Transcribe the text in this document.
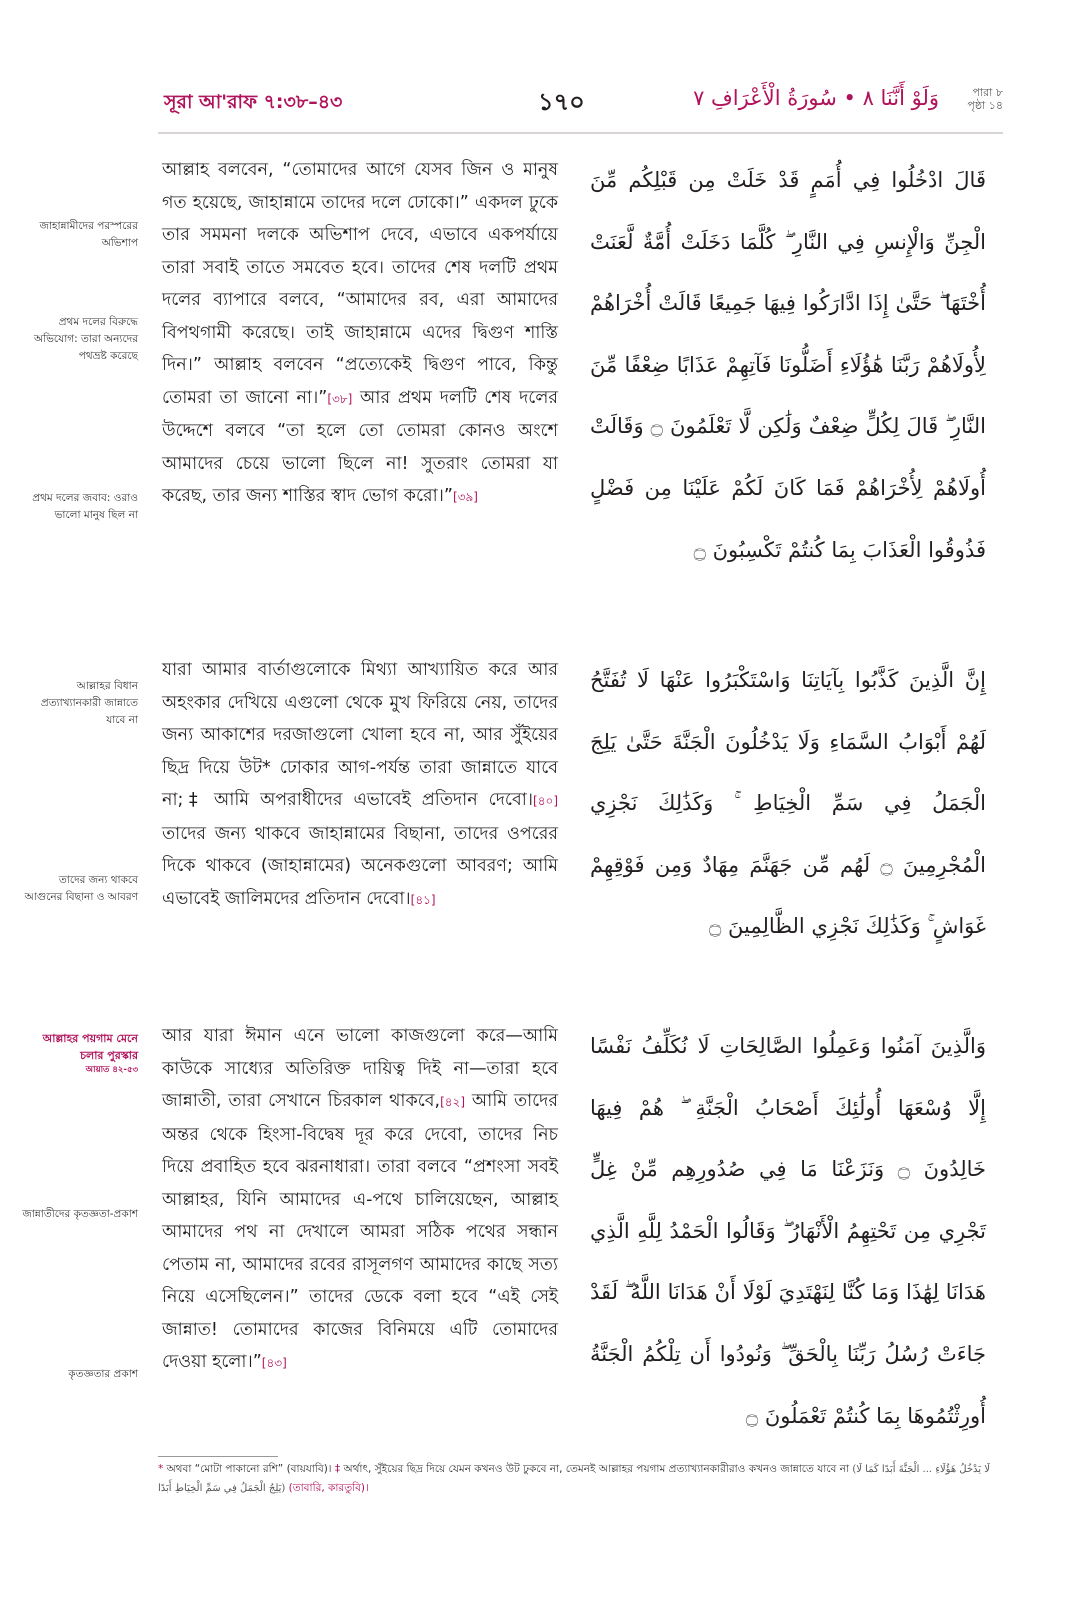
সূরা আ'রাফ ৭:৩৮–৪৩	১৭০	وَلَوْ أَنَّنَا ٨ • سُورَةُ الْأَعْرَافِ ٧	পারা ৮
পৃষ্ঠা ১৪
জাহান্নামীদের পরস্পরের অভিশাপ
প্রথম দলের বিরুদ্ধে অভিযোগ: তারা অন্যদের পথভ্রষ্ট করেছে
প্রথম দলের জবাব: ওরাও ভালো মানুষ ছিল না
আল্লাহ বলবেন, “তোমাদের আগে যেসব জিন ও মানুষ গত হয়েছে, জাহান্নামে তাদের দলে ঢোকো।” একদল ঢুকে তার সমমনা দলকে অভিশাপ দেবে, এভাবে একপর্যায়ে তারা সবাই তাতে সমবেত হবে। তাদের শেষ দলটি প্রথম দলের ব্যাপারে বলবে, “আমাদের রব, এরা আমাদের বিপথগামী করেছে। তাই জাহান্নামে এদের দ্বিগুণ শাস্তি দিন।” আল্লাহ বলবেন “প্রত্যেকেই দ্বিগুণ পাবে, কিন্তু তোমরা তা জানো না।”[৩৮] আর প্রথম দলটি শেষ দলের উদ্দেশে বলবে “তা হলে তো তোমরা কোনও অংশে আমাদের চেয়ে ভালো ছিলে না! সুতরাং তোমরা যা করেছ, তার জন্য শাস্তির স্বাদ ভোগ করো।”[৩৯]
قَالَ ادْخُلُوا فِي أُمَمٍ قَدْ خَلَتْ مِن قَبْلِكُم مِّنَ الْجِنِّ وَالْإِنسِ فِي النَّارِ ۖ كُلَّمَا دَخَلَتْ أُمَّةٌ لَّعَنَتْ أُخْتَهَا ۖ حَتَّىٰ إِذَا ادَّارَكُوا فِيهَا جَمِيعًا قَالَتْ أُخْرَاهُمْ لِأُولَاهُمْ رَبَّنَا هَٰؤُلَاءِ أَضَلُّونَا فَآتِهِمْ عَذَابًا ضِعْفًا مِّنَ النَّارِ ۖ قَالَ لِكُلٍّ ضِعْفٌ وَلَٰكِن لَّا تَعْلَمُونَ ۝ وَقَالَتْ أُولَاهُمْ لِأُخْرَاهُمْ فَمَا كَانَ لَكُمْ عَلَيْنَا مِن فَضْلٍ فَذُوقُوا الْعَذَابَ بِمَا كُنتُمْ تَكْسِبُونَ ۝
আল্লাহর বিধান প্রত্যাখ্যানকারী জান্নাতে যাবে না
তাদের জন্য থাকবে আগুনের বিছানা ও আবরণ
যারা আমার বার্তাগুলোকে মিথ্যা আখ্যায়িত করে আর অহংকার দেখিয়ে এগুলো থেকে মুখ ফিরিয়ে নেয়, তাদের জন্য আকাশের দরজাগুলো খোলা হবে না, আর সুঁইয়ের ছিদ্র দিয়ে উট* ঢোকার আগ-পর্যন্ত তারা জান্নাতে যাবে না;‡ আমি অপরাধীদের এভাবেই প্রতিদান দেবো।[৪০] তাদের জন্য থাকবে জাহান্নামের বিছানা, তাদের ওপরের দিকে থাকবে (জাহান্নামের) অনেকগুলো আবরণ; আমি এভাবেই জালিমদের প্রতিদান দেবো।[৪১]
إِنَّ الَّذِينَ كَذَّبُوا بِآيَاتِنَا وَاسْتَكْبَرُوا عَنْهَا لَا تُفَتَّحُ لَهُمْ أَبْوَابُ السَّمَاءِ وَلَا يَدْخُلُونَ الْجَنَّةَ حَتَّىٰ يَلِجَ الْجَمَلُ فِي سَمِّ الْخِيَاطِ ۚ وَكَذَٰلِكَ نَجْزِي الْمُجْرِمِينَ ۝ لَهُم مِّن جَهَنَّمَ مِهَادٌ وَمِن فَوْقِهِمْ غَوَاشٍ ۚ وَكَذَٰلِكَ نَجْزِي الظَّالِمِينَ ۝
আল্লাহর পয়গাম মেনে চলার পুরস্কার
আয়াত ৪২-৫৩
জান্নাতীদের কৃতজ্ঞতা-প্রকাশ
কৃতজ্ঞতার প্রকাশ
আর যারা ঈমান এনে ভালো কাজগুলো করে—আমি কাউকে সাধ্যের অতিরিক্ত দায়িত্ব দিই না—তারা হবে জান্নাতী, তারা সেখানে চিরকাল থাকবে,[৪২] আমি তাদের অন্তর থেকে হিংসা-বিদ্বেষ দূর করে দেবো, তাদের নিচ দিয়ে প্রবাহিত হবে ঝরনাধারা। তারা বলবে “প্রশংসা সবই আল্লাহর, যিনি আমাদের এ-পথে চালিয়েছেন, আল্লাহ আমাদের পথ না দেখালে আমরা সঠিক পথের সন্ধান পেতাম না, আমাদের রবের রাসূলগণ আমাদের কাছে সত্য নিয়ে এসেছিলেন।” তাদের ডেকে বলা হবে “এই সেই জান্নাত! তোমাদের কাজের বিনিময়ে এটি তোমাদের দেওয়া হলো।”[৪৩]
وَالَّذِينَ آمَنُوا وَعَمِلُوا الصَّالِحَاتِ لَا نُكَلِّفُ نَفْسًا إِلَّا وُسْعَهَا أُولَٰئِكَ أَصْحَابُ الْجَنَّةِ ۖ هُمْ فِيهَا خَالِدُونَ ۝ وَنَزَعْنَا مَا فِي صُدُورِهِم مِّنْ غِلٍّ تَجْرِي مِن تَحْتِهِمُ الْأَنْهَارُ ۖ وَقَالُوا الْحَمْدُ لِلَّهِ الَّذِي هَدَانَا لِهَٰذَا وَمَا كُنَّا لِنَهْتَدِيَ لَوْلَا أَنْ هَدَانَا اللَّهُ ۖ لَقَدْ جَاءَتْ رُسُلُ رَبِّنَا بِالْحَقِّ ۖ وَنُودُوا أَن تِلْكُمُ الْجَنَّةُ أُورِثْتُمُوهَا بِمَا كُنتُمْ تَعْمَلُونَ ۝
* অথবা “মোটা পাকানো রশি” (বায়যাবি)। ‡ অর্থাৎ, সুঁইয়ের ছিদ্র দিয়ে যেমন কখনও উট ঢুকবে না, তেমনই আল্লাহর পয়গাম প্রত্যাখ্যানকারীরাও কখনও জান্নাতে যাবে না (لَا يَدْخُلُ هَؤُلَاءِ ... الْجَنَّةَ أَبَدًا كَمَا لَا يَلِجُ الْجَمَلُ فِي سَمِّ الْخِيَاطِ أَبَدًا) (তাবারি, কারতুবি)।
